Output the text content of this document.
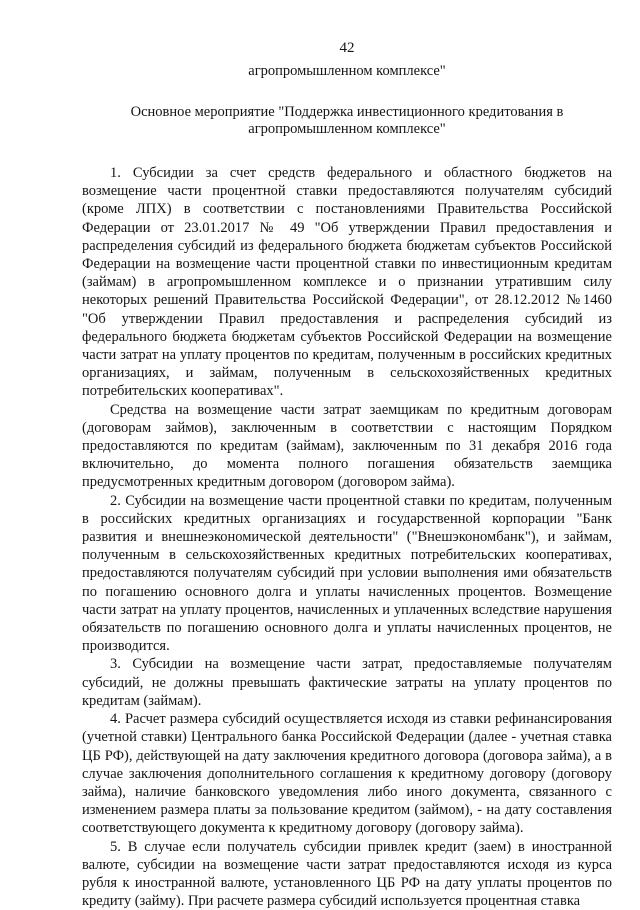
42
агропромышленном комплексе"
Основное мероприятие "Поддержка инвестиционного кредитования в агропромышленном комплексе"

1. Субсидии за счет средств федерального и областного бюджетов на возмещение части процентной ставки предоставляются получателям субсидий (кроме ЛПХ) в соответствии с постановлениями Правительства Российской Федерации от 23.01.2017 № 49 "Об утверждении Правил предоставления и распределения субсидий из федерального бюджета бюджетам субъектов Российской Федерации на возмещение части процентной ставки по инвестиционным кредитам (займам) в агропромышленном комплексе и о признании утратившим силу некоторых решений Правительства Российской Федерации", от 28.12.2012 №1460 "Об утверждении Правил предоставления и распределения субсидий из федерального бюджета бюджетам субъектов Российской Федерации на возмещение части затрат на уплату процентов по кредитам, полученным в российских кредитных организациях, и займам, полученным в сельскохозяйственных кредитных потребительских кооперативах".

Средства на возмещение части затрат заемщикам по кредитным договорам (договорам займов), заключенным в соответствии с настоящим Порядком предоставляются по кредитам (займам), заключенным по 31 декабря 2016 года включительно, до момента полного погашения обязательств заемщика предусмотренных кредитным договором (договором займа).

2. Субсидии на возмещение части процентной ставки по кредитам, полученным в российских кредитных организациях и государственной корпорации "Банк развития и внешнеэкономической деятельности" ("Внешэкономбанк"), и займам, полученным в сельскохозяйственных кредитных потребительских кооперативах, предоставляются получателям субсидий при условии выполнения ими обязательств по погашению основного долга и уплаты начисленных процентов. Возмещение части затрат на уплату процентов, начисленных и уплаченных вследствие нарушения обязательств по погашению основного долга и уплаты начисленных процентов, не производится.

3. Субсидии на возмещение части затрат, предоставляемые получателям субсидий, не должны превышать фактические затраты на уплату процентов по кредитам (займам).

4. Расчет размера субсидий осуществляется исходя из ставки рефинансирования (учетной ставки) Центрального банка Российской Федерации (далее - учетная ставка ЦБ РФ), действующей на дату заключения кредитного договора (договора займа), а в случае заключения дополнительного соглашения к кредитному договору (договору займа), наличие банковского уведомления либо иного документа, связанного с изменением размера платы за пользование кредитом (займом), - на дату составления соответствующего документа к кредитному договору (договору займа).

5. В случае если получатель субсидии привлек кредит (заем) в иностранной валюте, субсидии на возмещение части затрат предоставляются исходя из курса рубля к иностранной валюте, установленного ЦБ РФ на дату уплаты процентов по кредиту (займу). При расчете размера субсидий используется процентная ставка
